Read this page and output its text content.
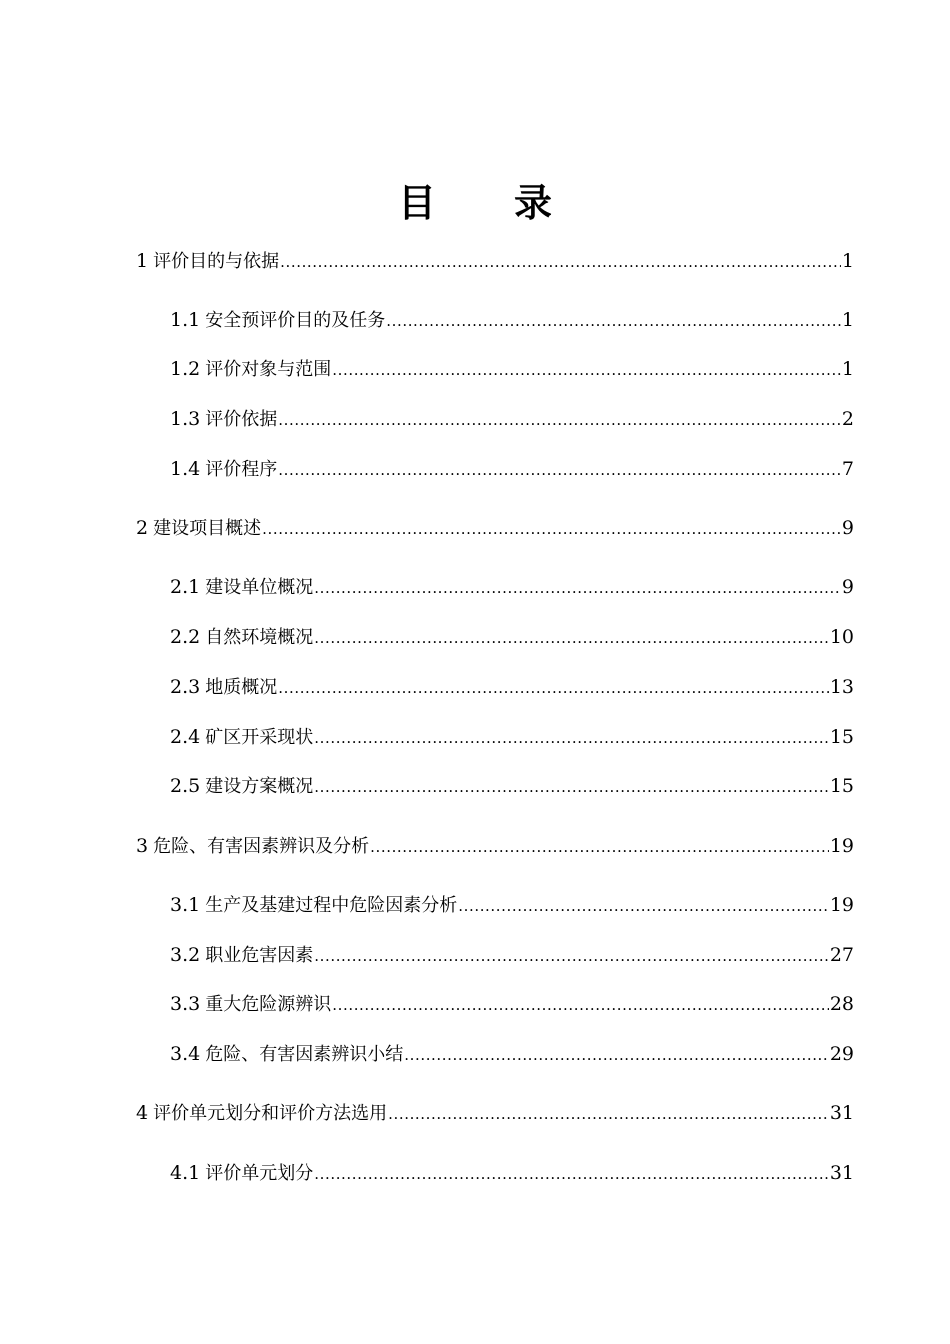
目 录
1 评价目的与依据 .....	1
1.1 安全预评价目的及任务 .....	1
1.2 评价对象与范围 .....	1
1.3 评价依据 .....	2
1.4 评价程序 .....	7
2 建设项目概述 .....	9
2.1 建设单位概况 .....	9
2.2 自然环境概况 .....	10
2.3 地质概况 .....	13
2.4 矿区开采现状 .....	15
2.5 建设方案概况 .....	15
3 危险、有害因素辨识及分析 .....	19
3.1 生产及基建过程中危险因素分析 .....	19
3.2 职业危害因素 .....	27
3.3 重大危险源辨识 .....	28
3.4 危险、有害因素辨识小结 .....	29
4 评价单元划分和评价方法选用 .....	31
4.1 评价单元划分 .....	31
